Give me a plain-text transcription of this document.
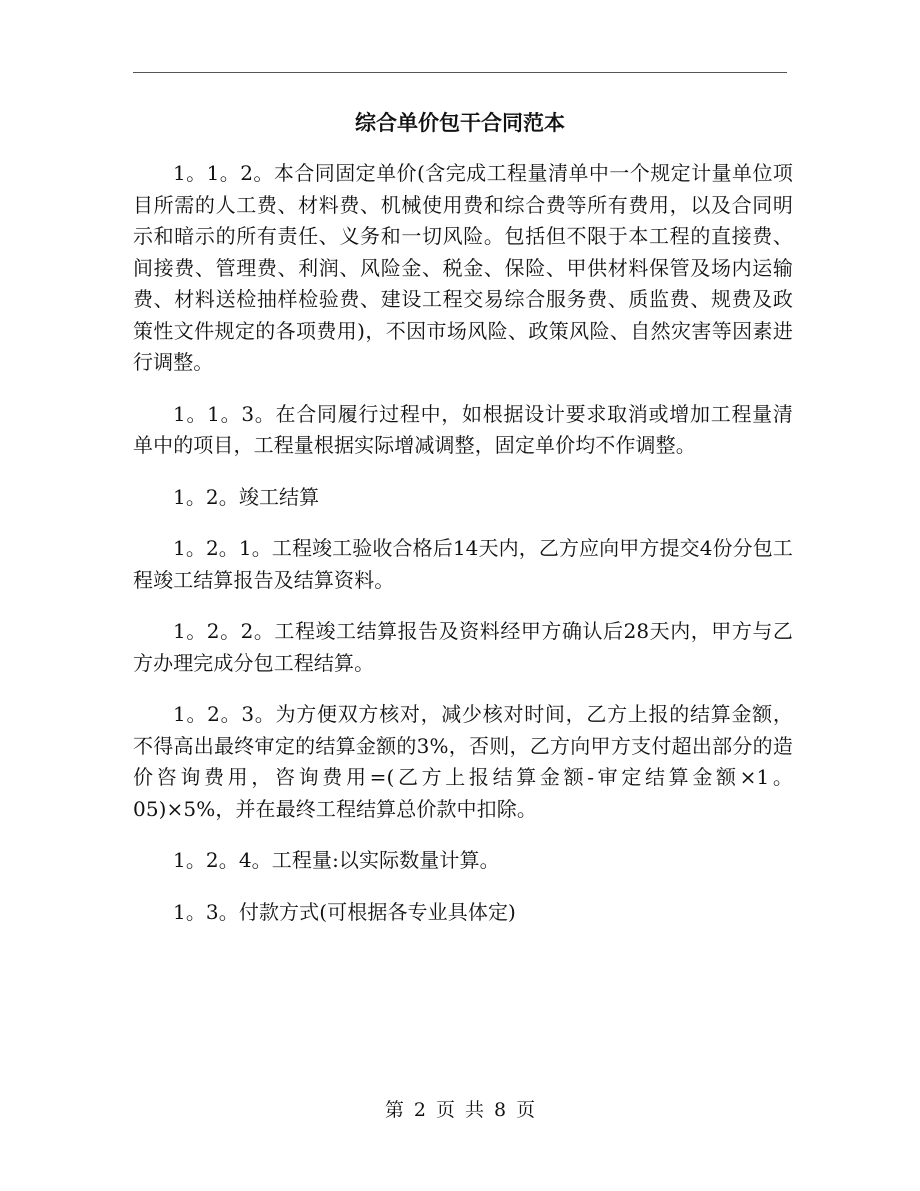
综合单价包干合同范本

1。1。2。本合同固定单价(含完成工程量清单中一个规定计量单位项目所需的人工费、材料费、机械使用费和综合费等所有费用，以及合同明示和暗示的所有责任、义务和一切风险。包括但不限于本工程的直接费、间接费、管理费、利润、风险金、税金、保险、甲供材料保管及场内运输费、材料送检抽样检验费、建设工程交易综合服务费、质监费、规费及政策性文件规定的各项费用)，不因市场风险、政策风险、自然灾害等因素进行调整。

1。1。3。在合同履行过程中，如根据设计要求取消或增加工程量清单中的项目，工程量根据实际增减调整，固定单价均不作调整。

1。2。竣工结算

1。2。1。工程竣工验收合格后14天内，乙方应向甲方提交4份分包工程竣工结算报告及结算资料。

1。2。2。工程竣工结算报告及资料经甲方确认后28天内，甲方与乙方办理完成分包工程结算。

1。2。3。为方便双方核对，减少核对时间，乙方上报的结算金额，不得高出最终审定的结算金额的3%，否则，乙方向甲方支付超出部分的造价咨询费用，咨询费用=(乙方上报结算金额-审定结算金额×1。05)×5%，并在最终工程结算总价款中扣除。

1。2。4。工程量:以实际数量计算。

1。3。付款方式(可根据各专业具体定)

第 2 页 共 8 页
